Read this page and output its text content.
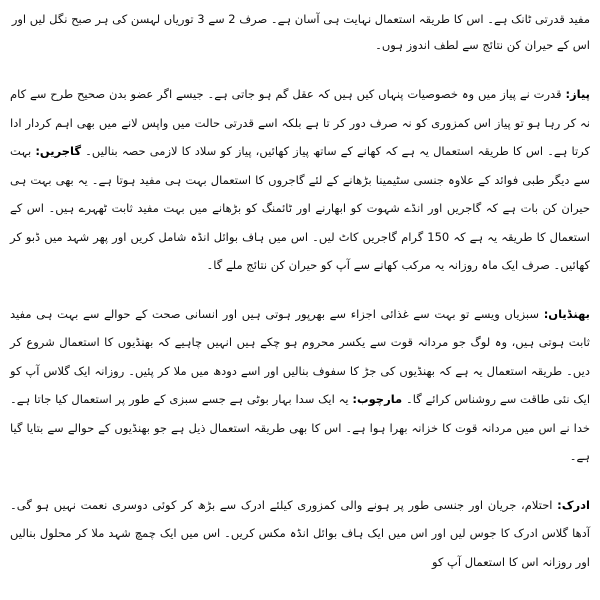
مفید قدرتی ٹانک ہے۔ اس کا طریقہ استعمال نہایت ہی آسان ہے۔ صرف 2 سے 3 توریاں لہسن کی ہر صبح نگل لیں اور اس کے حیران کن نتائج سے لطف اندوز ہوں۔

پیاز: قدرت نے پیاز میں وہ خصوصیات پنہاں کیں ہیں کہ عقل گم ہو جاتی ہے۔ جیسے اگر عضو بدن صحیح طرح سے کام نہ کر رہا ہو تو پیاز اس کمزوری کو نہ صرف دور کر تا ہے بلکہ اسے قدرتی حالت میں واپس لانے میں بھی اہم کردار ادا کرتا ہے۔ اس کا طریقہ استعمال یہ ہے کہ کھانے کے ساتھ پیاز کھائیں، پیاز کو سلاد کا لازمی حصہ بنالیں۔ گاجریں: بہت سے دیگر طبی فوائد کے علاوہ جنسی سٹیمینا بڑھانے کے لئے گاجروں کا استعمال بہت ہی مفید ہوتا ہے۔ یہ بھی بہت ہی حیران کن بات ہے کہ گاجریں اور انڈے شہوت کو ابھارنے اور ٹائمنگ کو بڑھانے میں بہت مفید ثابت ٹھہرے ہیں۔ اس کے استعمال کا طریقہ یہ ہے کہ 150 گرام گاجریں کاٹ لیں۔ اس میں ہاف بوائل انڈہ شامل کریں اور پھر شہد میں ڈبو کر کھائیں۔ صرف ایک ماہ روزانہ یہ مرکب کھانے سے آپ کو حیران کن نتائج ملے گا۔

بھنڈیاں: سبزیاں ویسے تو بہت سے غذائی اجزاء سے بھرپور ہوتی ہیں اور انسانی صحت کے حوالے سے بہت ہی مفید ثابت ہوتی ہیں، وہ لوگ جو مردانہ قوت سے یکسر محروم ہو چکے ہیں انہیں چاہیے کہ بھنڈیوں کا استعمال شروع کر دیں۔ طریقہ استعمال یہ ہے کہ بھنڈیوں کی جڑ کا سفوف بنالیں اور اسے دودھ میں ملا کر پئیں۔ روزانہ ایک گلاس آپ کو ایک نئی طاقت سے روشناس کرائے گا۔ مارچوب: یہ ایک سدا بہار بوٹی ہے جسے سبزی کے طور پر استعمال کیا جاتا ہے۔ خدا نے اس میں مردانہ قوت کا خزانہ بھرا ہوا ہے۔ اس کا بھی طریقہ استعمال ذیل ہے جو بھنڈیوں کے حوالے سے بتایا گیا ہے۔

ادرک: احتلام، جریان اور جنسی طور پر ہونے والی کمزوری کیلئے ادرک سے بڑھ کر کوئی دوسری نعمت نہیں ہو گی۔ آدھا گلاس ادرک کا جوس لیں اور اس میں ایک ہاف بوائل انڈہ مکس کریں۔ اس میں ایک چمچ شہد ملا کر محلول بنالیں اور روزانہ اس کا استعمال آپ کو
